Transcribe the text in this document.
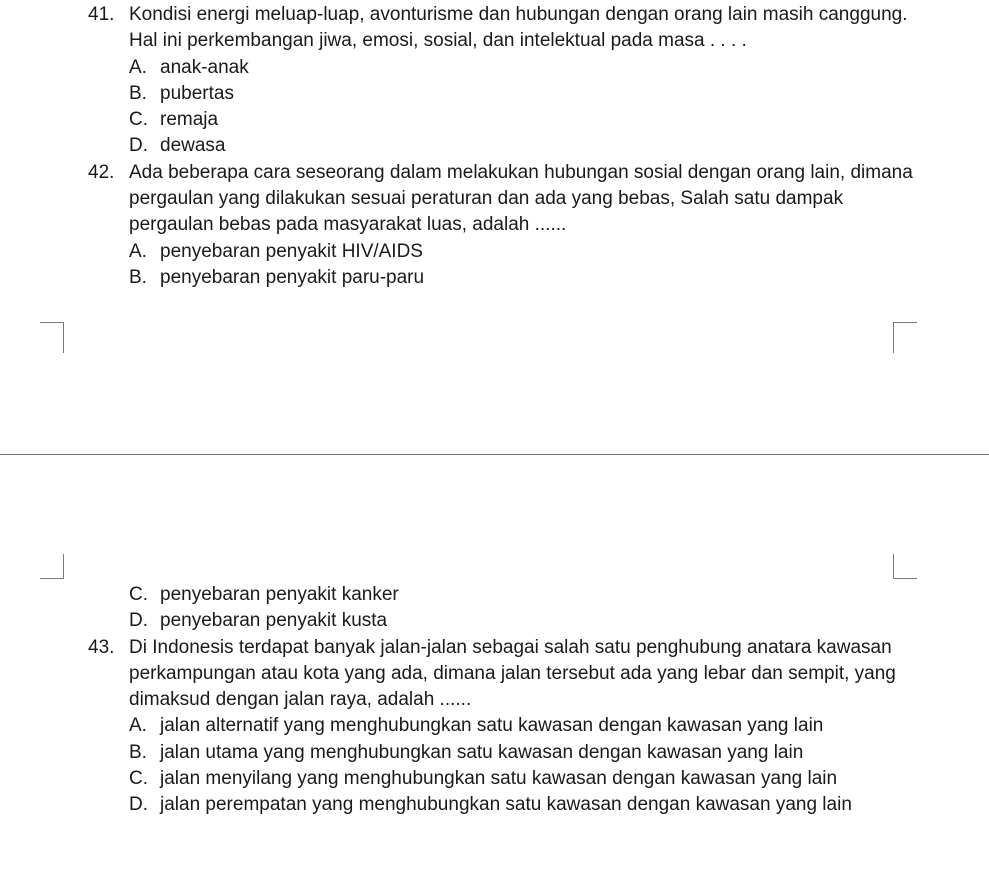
41. Kondisi energi meluap-luap, avonturisme dan hubungan dengan orang lain masih canggung. Hal ini perkembangan jiwa, emosi, sosial, dan intelektual pada masa . . . .
A. anak-anak
B. pubertas
C. remaja
D. dewasa
42. Ada beberapa cara seseorang dalam melakukan hubungan sosial dengan orang lain, dimana pergaulan yang dilakukan sesuai peraturan dan ada yang bebas, Salah satu dampak pergaulan bebas pada masyarakat luas, adalah ......
A. penyebaran penyakit HIV/AIDS
B. penyebaran penyakit paru-paru
C. penyebaran penyakit kanker
D. penyebaran penyakit kusta
43. Di Indonesis terdapat banyak jalan-jalan sebagai salah satu penghubung anatara kawasan perkampungan atau kota yang ada, dimana jalan tersebut ada yang lebar dan sempit, yang dimaksud dengan jalan raya, adalah ......
A. jalan alternatif yang menghubungkan satu kawasan dengan kawasan yang lain
B. jalan utama yang menghubungkan satu kawasan dengan kawasan yang lain
C. jalan menyilang yang menghubungkan satu kawasan dengan kawasan yang lain
D. jalan perempatan yang menghubungkan satu kawasan dengan kawasan yang lain
